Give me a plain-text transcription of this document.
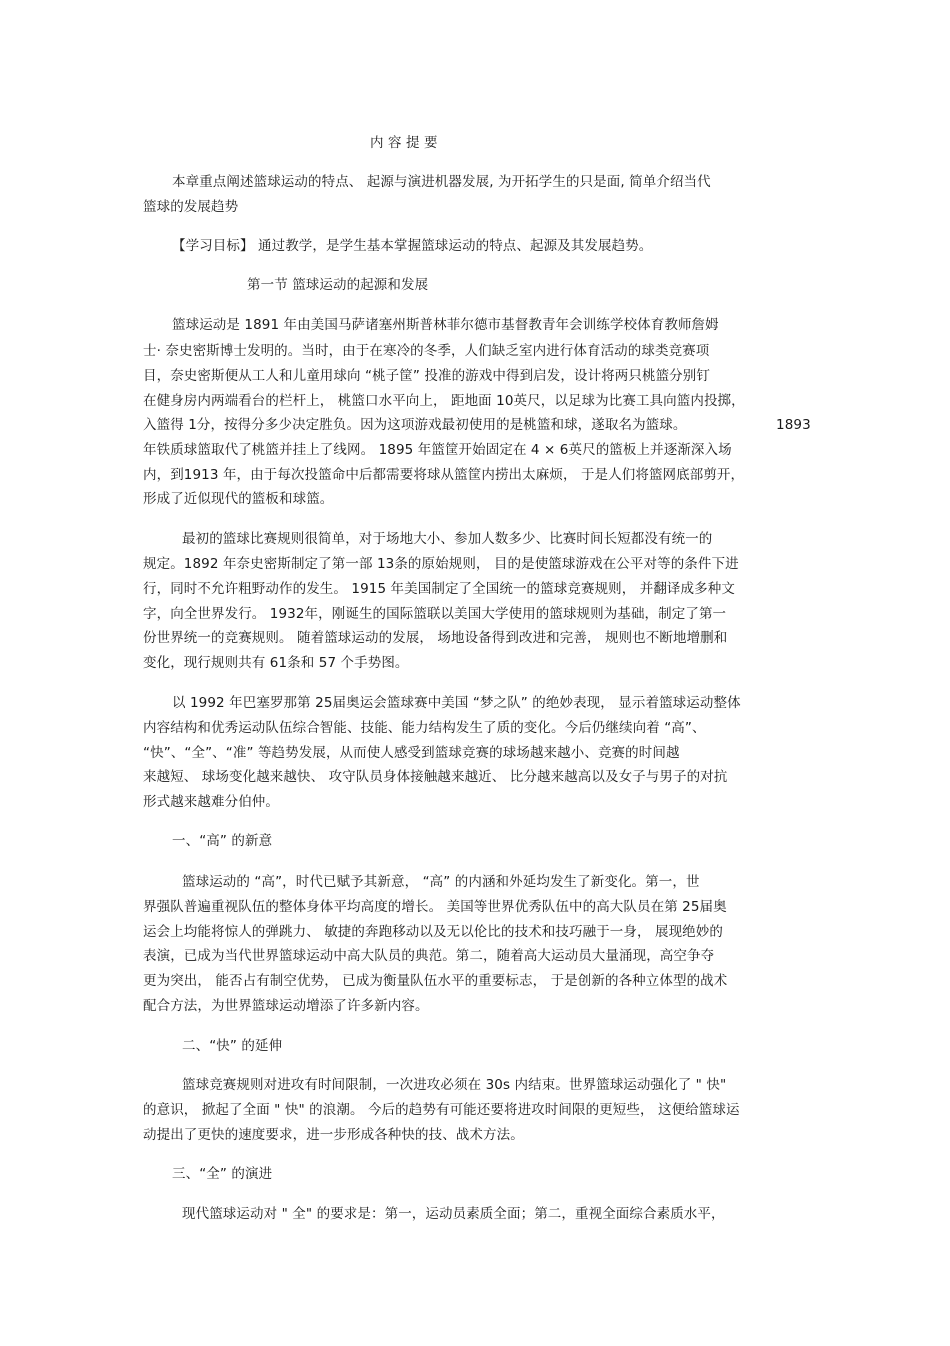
内 容 提 要
本章重点阐述篮球运动的特点、 起源与演进机器发展, 为开拓学生的只是面, 简单介绍当代
篮球的发展趋势
【学习目标】 通过教学，是学生基本掌握篮球运动的特点、起源及其发展趋势。
第一节 篮球运动的起源和发展
篮球运动是 1891 年由美国马萨诸塞州斯普林菲尔德市基督教青年会训练学校体育教师詹姆
士· 奈史密斯博士发明的。当时，由于在寒冷的冬季，人们缺乏室内进行体育活动的球类竞赛项
目，奈史密斯便从工人和儿童用球向 “桃子筐” 投准的游戏中得到启发，设计将两只桃篮分别钉
在健身房内两端看台的栏杆上， 桃篮口水平向上， 距地面 10英尺，以足球为比赛工具向篮内投掷，
入篮得 1分，按得分多少决定胜负。因为这项游戏最初使用的是桃篮和球，遂取名为篮球。	1893
年铁质球篮取代了桃篮并挂上了线网。 1895 年篮筐开始固定在 4 × 6英尺的篮板上并逐渐深入场
内，到1913 年，由于每次投篮命中后都需要将球从篮筐内捞出太麻烦， 于是人们将篮网底部剪开，
形成了近似现代的篮板和球篮。
最初的篮球比赛规则很简单，对于场地大小、参加人数多少、比赛时间长短都没有统一的
规定。1892 年奈史密斯制定了第一部 13条的原始规则， 目的是使篮球游戏在公平对等的条件下进
行，同时不允许粗野动作的发生。 1915 年美国制定了全国统一的篮球竞赛规则， 并翻译成多种文
字，向全世界发行。 1932年，刚诞生的国际篮联以美国大学使用的篮球规则为基础，制定了第一
份世界统一的竞赛规则。 随着篮球运动的发展， 场地设备得到改进和完善， 规则也不断地增删和
变化，现行规则共有 61条和 57 个手势图。
以 1992 年巴塞罗那第 25届奥运会篮球赛中美国 “梦之队” 的绝妙表现， 显示着篮球运动整体
内容结构和优秀运动队伍综合智能、技能、能力结构发生了质的变化。今后仍继续向着 “高”、
“快”、“全”、“准” 等趋势发展，从而使人感受到篮球竞赛的球场越来越小、竞赛的时间越
来越短、 球场变化越来越快、 攻守队员身体接触越来越近、 比分越来越高以及女子与男子的对抗
形式越来越难分伯仲。
一、“高” 的新意
篮球运动的 “高”，时代已赋予其新意， “高” 的内涵和外延均发生了新变化。第一，世
界强队普遍重视队伍的整体身体平均高度的增长。 美国等世界优秀队伍中的高大队员在第 25届奥
运会上均能将惊人的弹跳力、 敏捷的奔跑移动以及无以伦比的技术和技巧融于一身， 展现绝妙的
表演，已成为当代世界篮球运动中高大队员的典范。第二，随着高大运动员大量涌现，高空争夺
更为突出， 能否占有制空优势， 已成为衡量队伍水平的重要标志， 于是创新的各种立体型的战术
配合方法，为世界篮球运动增添了许多新内容。
二、“快” 的延伸
篮球竞赛规则对进攻有时间限制，一次进攻必须在 30s 内结束。世界篮球运动强化了 " 快"
的意识， 掀起了全面 " 快" 的浪潮。 今后的趋势有可能还要将进攻时间限的更短些， 这便给篮球运
动提出了更快的速度要求，进一步形成各种快的技、战术方法。
三、“全” 的演进
现代篮球运动对 " 全" 的要求是：第一，运动员素质全面；第二，重视全面综合素质水平，
